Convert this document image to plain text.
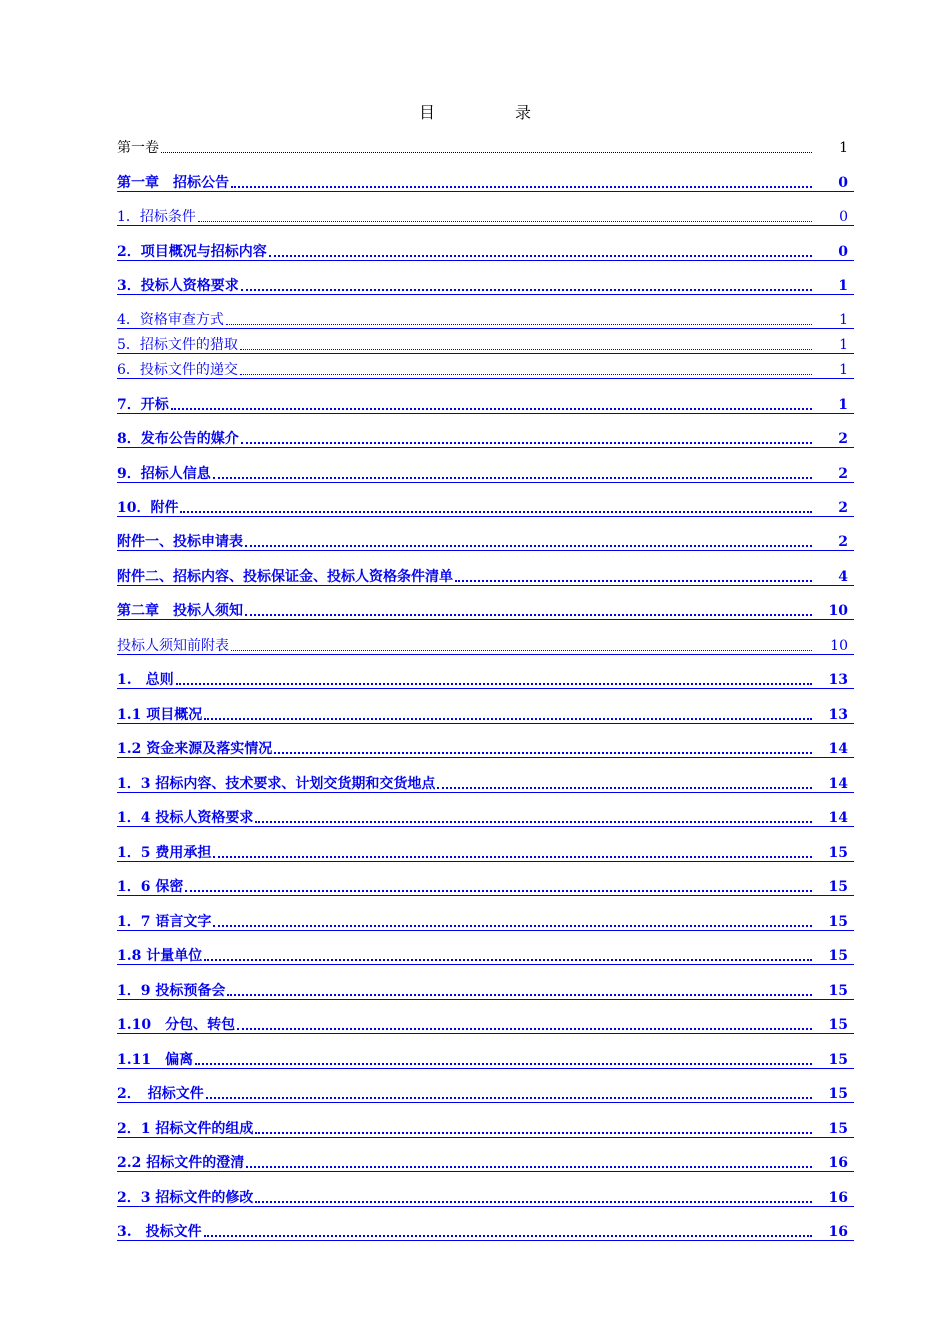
目	录
第一卷	1
第一章　招标公告	0
1．招标条件	0
2．项目概况与招标内容	0
3．投标人资格要求	1
4．资格审查方式	1
5．招标文件的猎取	1
6．投标文件的递交	1
7．开标	1
8．发布公告的媒介	2
9．招标人信息	2
10．附件	2
附件一、投标申请表	2
附件二、招标内容、投标保证金、投标人资格条件清单	4
第二章　投标人须知	10
投标人须知前附表	10
1.　总则	13
1.1 项目概况	13
1.2 资金来源及落实情况	14
1．3 招标内容、技术要求、计划交货期和交货地点	14
1．4 投标人资格要求	14
1．5 费用承担	15
1．6 保密	15
1．7 语言文字	15
1.8 计量单位	15
1．9 投标预备会	15
1.10　分包、转包	15
1.11　偏离	15
2．　招标文件	15
2．1 招标文件的组成	15
2.2 招标文件的澄清	16
2．3 招标文件的修改	16
3.　投标文件	16
